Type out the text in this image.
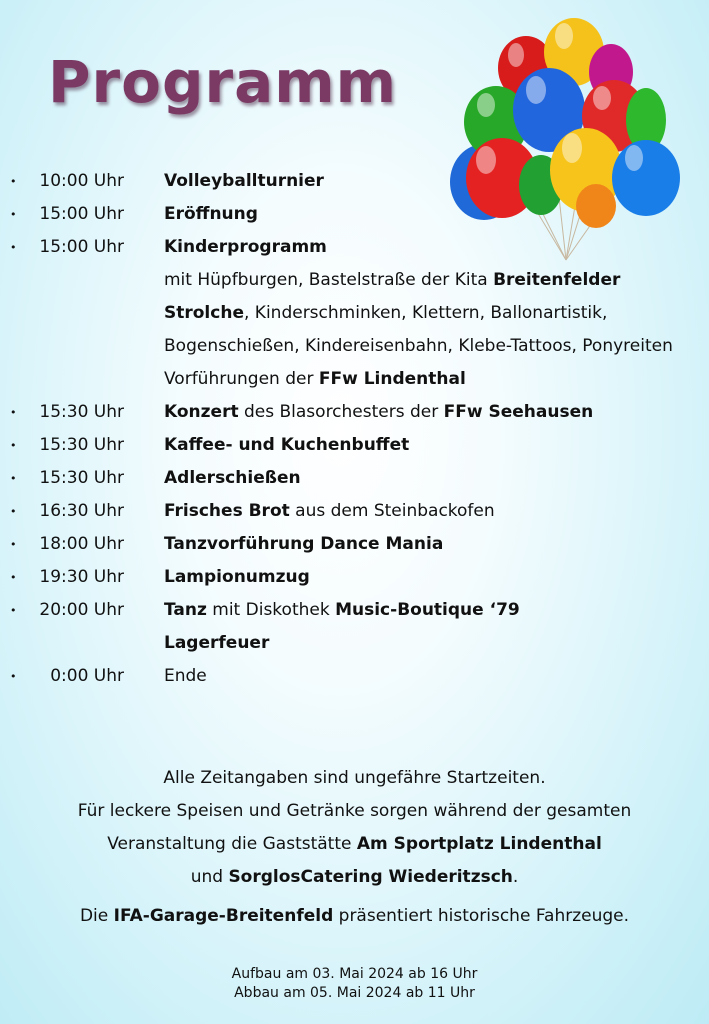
Programm
•	10:00 Uhr Volleyballturnier
•	15:00 Uhr Eröffnung
•	15:00 Uhr Kinderprogramm
mit Hüpfburgen, Bastelstraße der Kita Breitenfelder Strolche, Kinderschminken, Klettern, Ballonartistik, Bogenschießen, Kindereisenbahn, Klebe-Tattoos, Ponyreiten
Vorführungen der FFw Lindenthal
•	15:30 Uhr Konzert des Blasorchesters der FFw Seehausen
•	15:30 Uhr Kaffee- und Kuchenbuffet
•	15:30 Uhr Adlerschießen
•	16:30 Uhr Frisches Brot aus dem Steinbackofen
•	18:00 Uhr Tanzvorführung Dance Mania
•	19:30 Uhr Lampionumzug
•	20:00 Uhr Tanz mit Diskothek Music-Boutique ‘79
Lagerfeuer
•	0:00 Uhr Ende
Alle Zeitangaben sind ungefähre Startzeiten.
Für leckere Speisen und Getränke sorgen während der gesamten
Veranstaltung die Gaststätte Am Sportplatz Lindenthal
und SorglosCatering Wiederitzsch.
Die IFA-Garage-Breitenfeld präsentiert historische Fahrzeuge.
Aufbau am 03. Mai 2024 ab 16 Uhr
Abbau am 05. Mai 2024 ab 11 Uhr
